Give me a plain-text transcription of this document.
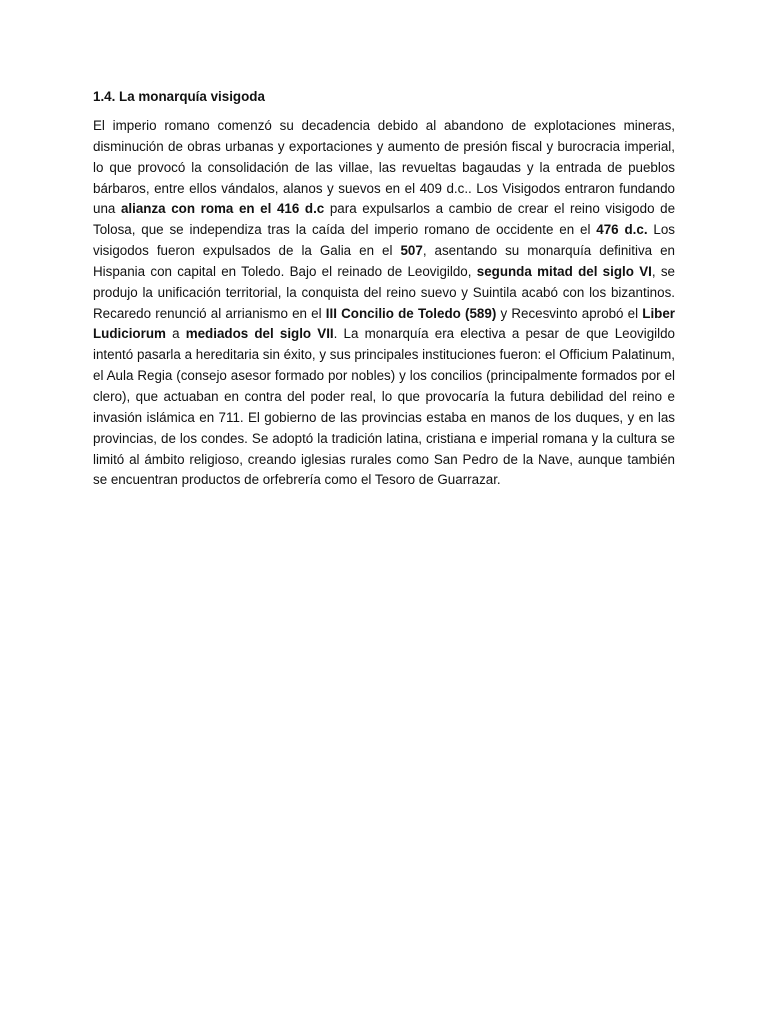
1.4. La monarquía visigoda

El imperio romano comenzó su decadencia debido al abandono de explotaciones mineras, disminución de obras urbanas y exportaciones y aumento de presión fiscal y burocracia imperial, lo que provocó la consolidación de las villae, las revueltas bagaudas y la entrada de pueblos bárbaros, entre ellos vándalos, alanos y suevos en el 409 d.c.. Los Visigodos entraron fundando una alianza con roma en el 416 d.c para expulsarlos a cambio de crear el reino visigodo de Tolosa, que se independiza tras la caída del imperio romano de occidente en el 476 d.c. Los visigodos fueron expulsados de la Galia en el 507, asentando su monarquía definitiva en Hispania con capital en Toledo. Bajo el reinado de Leovigildo, segunda mitad del siglo VI, se produjo la unificación territorial, la conquista del reino suevo y Suintila acabó con los bizantinos. Recaredo renunció al arrianismo en el III Concilio de Toledo (589) y Recesvinto aprobó el Liber Ludiciorum a mediados del siglo VII. La monarquía era electiva a pesar de que Leovigildo intentó pasarla a hereditaria sin éxito, y sus principales instituciones fueron: el Officium Palatinum, el Aula Regia (consejo asesor formado por nobles) y los concilios (principalmente formados por el clero), que actuaban en contra del poder real, lo que provocaría la futura debilidad del reino e invasión islámica en 711. El gobierno de las provincias estaba en manos de los duques, y en las provincias, de los condes. Se adoptó la tradición latina, cristiana e imperial romana y la cultura se limitó al ámbito religioso, creando iglesias rurales como San Pedro de la Nave, aunque también se encuentran productos de orfebrería como el Tesoro de Guarrazar.
